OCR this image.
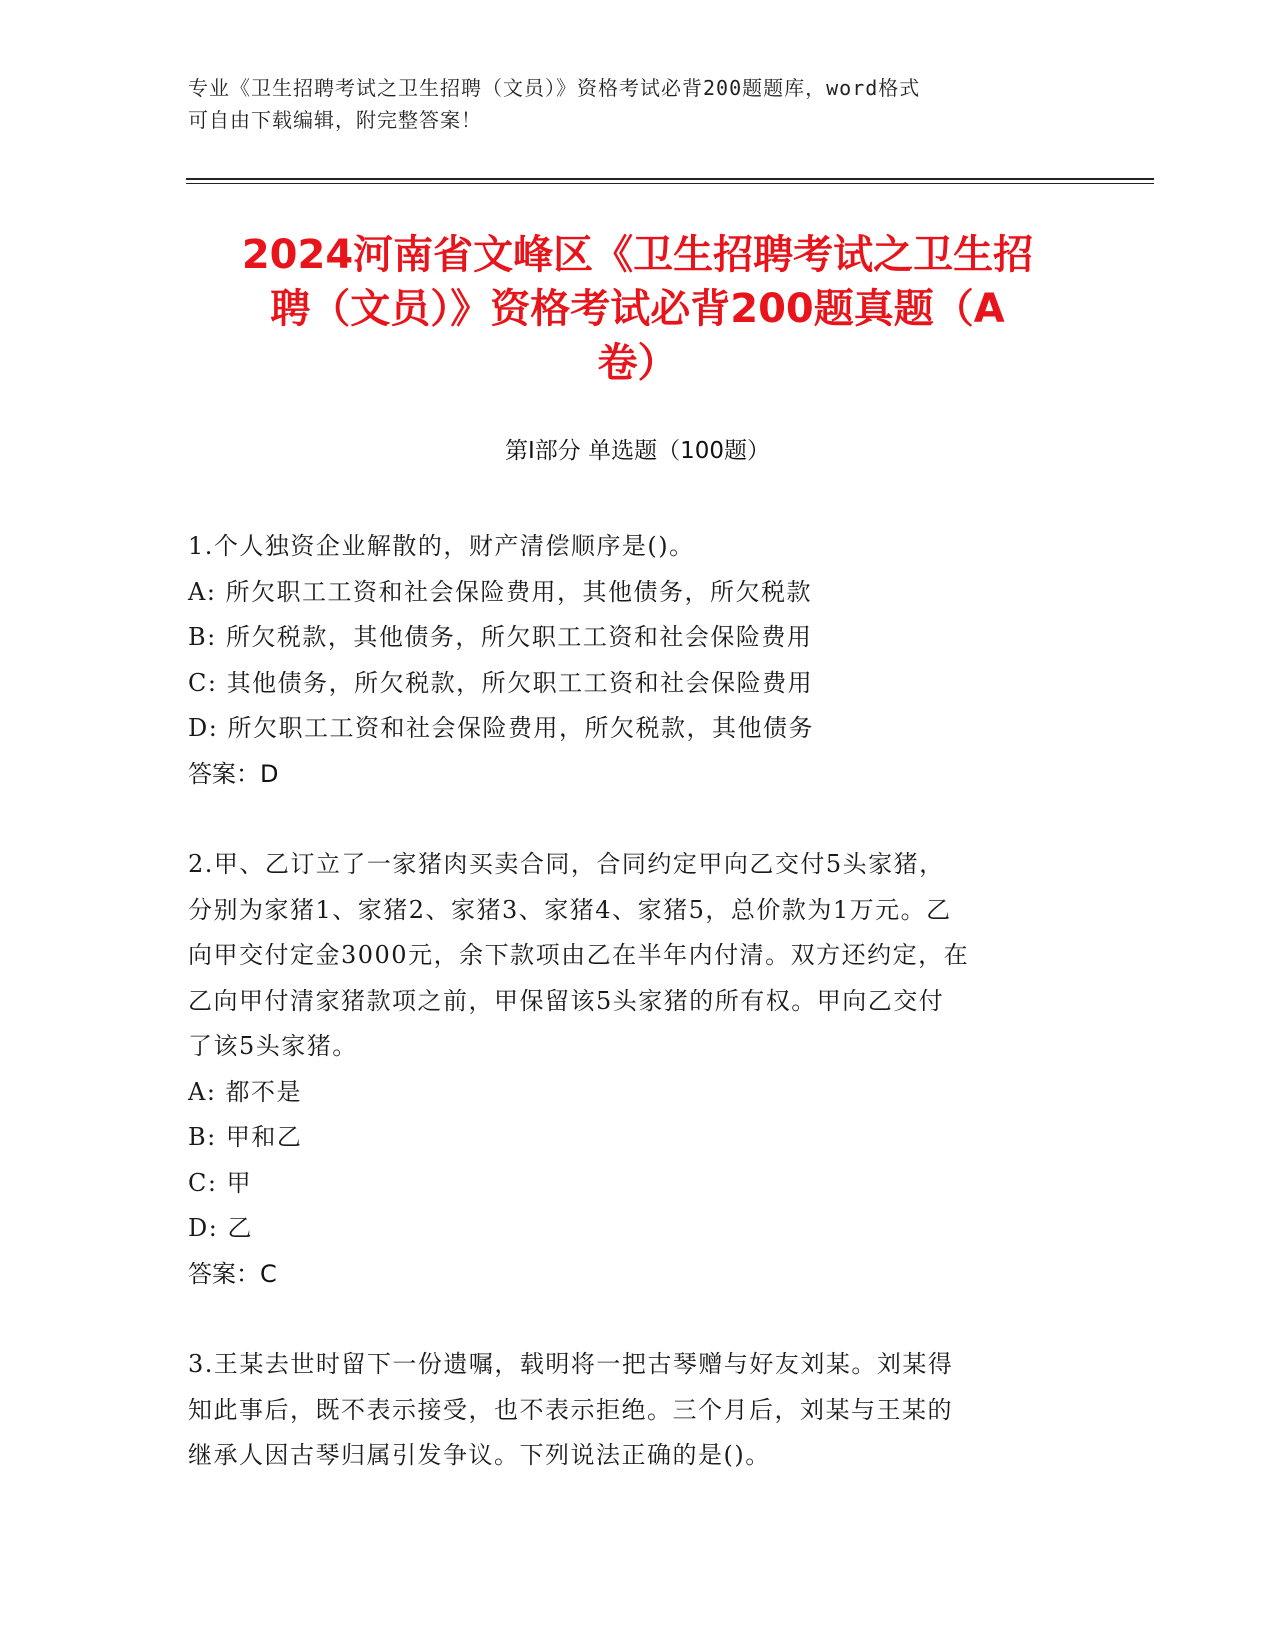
专业《卫生招聘考试之卫生招聘（文员）》资格考试必背200题题库，word格式
可自由下载编辑，附完整答案！
2024河南省文峰区《卫生招聘考试之卫生招
聘（文员）》资格考试必背200题真题（A
卷）
第Ⅰ部分 单选题（100题）
1.个人独资企业解散的，财产清偿顺序是()。
A: 所欠职工工资和社会保险费用，其他债务，所欠税款
B: 所欠税款，其他债务，所欠职工工资和社会保险费用
C: 其他债务，所欠税款，所欠职工工资和社会保险费用
D: 所欠职工工资和社会保险费用，所欠税款，其他债务
答案：D
2.甲、乙订立了一家猪肉买卖合同，合同约定甲向乙交付5头家猪，
分别为家猪1、家猪2、家猪3、家猪4、家猪5，总价款为1万元。乙
向甲交付定金3000元，余下款项由乙在半年内付清。双方还约定，在
乙向甲付清家猪款项之前，甲保留该5头家猪的所有权。甲向乙交付
了该5头家猪。
A: 都不是
B: 甲和乙
C: 甲
D: 乙
答案：C
3.王某去世时留下一份遗嘱，载明将一把古琴赠与好友刘某。刘某得
知此事后，既不表示接受，也不表示拒绝。三个月后，刘某与王某的
继承人因古琴归属引发争议。下列说法正确的是()。
